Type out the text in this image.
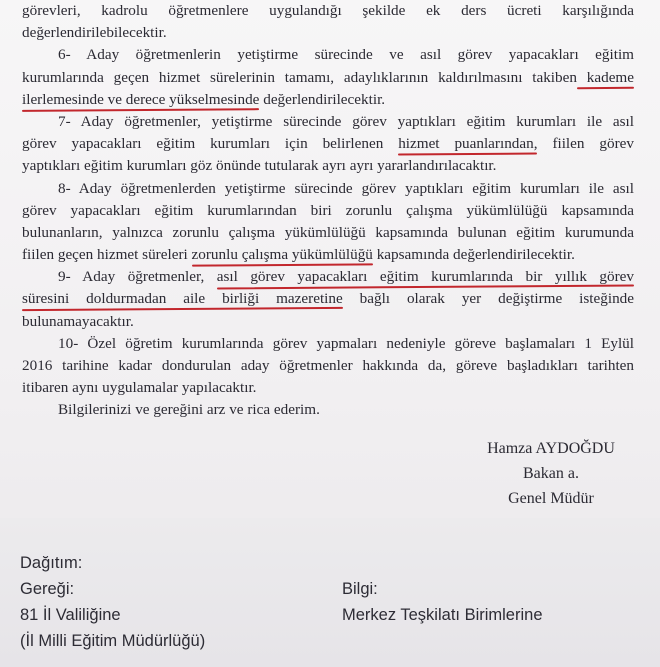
görevleri, kadrolu öğretmenlere uygulandığı şekilde ek ders ücreti karşılığında
değerlendirilebilecektir.
6- Aday öğretmenlerin yetiştirme sürecinde ve asıl görev yapacakları eğitim
kurumlarında geçen hizmet sürelerinin tamamı, adaylıklarının kaldırılmasını takiben kademe
ilerlemesinde ve derece yükselmesinde değerlendirilecektir.
7- Aday öğretmenler, yetiştirme sürecinde görev yaptıkları eğitim kurumları ile asıl
görev yapacakları eğitim kurumları için belirlenen hizmet puanlarından, fiilen görev
yaptıkları eğitim kurumları göz önünde tutularak ayrı ayrı yararlandırılacaktır.
8- Aday öğretmenlerden yetiştirme sürecinde görev yaptıkları eğitim kurumları ile asıl
görev yapacakları eğitim kurumlarından biri zorunlu çalışma yükümlülüğü kapsamında
bulunanların, yalnızca zorunlu çalışma yükümlülüğü kapsamında bulunan eğitim kurumunda
fiilen geçen hizmet süreleri zorunlu çalışma yükümlülüğü kapsamında değerlendirilecektir.
9- Aday öğretmenler, asıl görev yapacakları eğitim kurumlarında bir yıllık görev
süresini doldurmadan aile birliği mazeretine bağlı olarak yer değiştirme isteğinde
bulunamayacaktır.
10- Özel öğretim kurumlarında görev yapmaları nedeniyle göreve başlamaları 1 Eylül
2016 tarihine kadar dondurulan aday öğretmenler hakkında da, göreve başladıkları tarihten
itibaren aynı uygulamalar yapılacaktır.
Bilgilerinizi ve gereğini arz ve rica ederim.
Hamza AYDOĞDU
Bakan a.
Genel Müdür
Dağıtım:
Gereği:
81 İl Valiliğine
(İl Milli Eğitim Müdürlüğü)
Bilgi:
Merkez Teşkilatı Birimlerine
